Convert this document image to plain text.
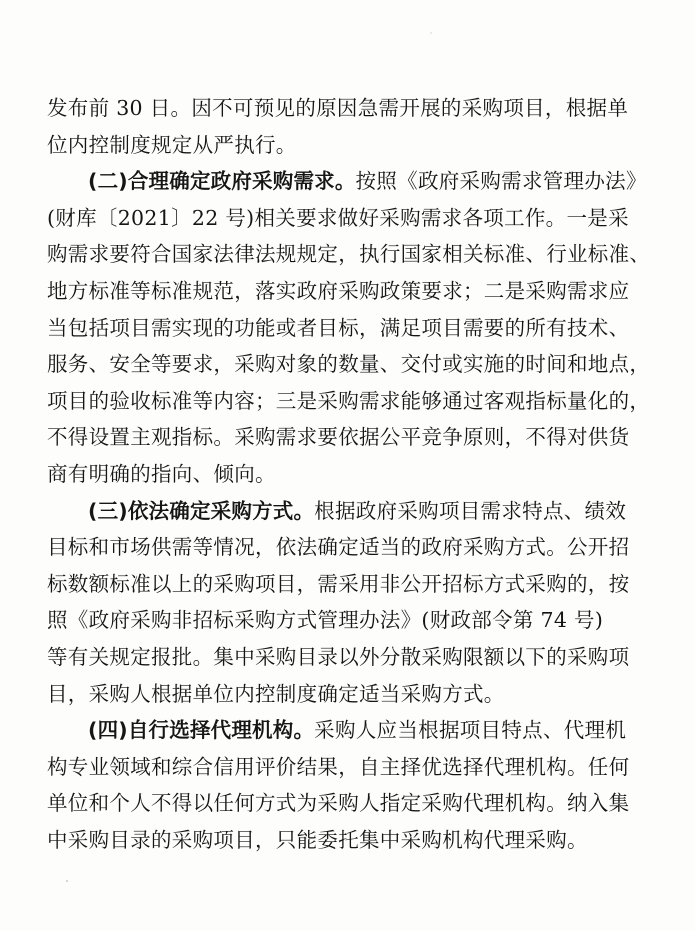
发布前 30 日。因不可预见的原因急需开展的采购项目，根据单
位内控制度规定从严执行。
(二)合理确定政府采购需求。按照《政府采购需求管理办法》
(财库〔2021〕22 号)相关要求做好采购需求各项工作。一是采
购需求要符合国家法律法规规定，执行国家相关标准、行业标准、
地方标准等标准规范，落实政府采购政策要求；二是采购需求应
当包括项目需实现的功能或者目标，满足项目需要的所有技术、
服务、安全等要求，采购对象的数量、交付或实施的时间和地点，
项目的验收标准等内容；三是采购需求能够通过客观指标量化的，
不得设置主观指标。采购需求要依据公平竞争原则，不得对供货
商有明确的指向、倾向。
(三)依法确定采购方式。根据政府采购项目需求特点、绩效
目标和市场供需等情况，依法确定适当的政府采购方式。公开招
标数额标准以上的采购项目，需采用非公开招标方式采购的，按
照《政府采购非招标采购方式管理办法》(财政部令第 74 号)
等有关规定报批。集中采购目录以外分散采购限额以下的采购项
目，采购人根据单位内控制度确定适当采购方式。
(四)自行选择代理机构。采购人应当根据项目特点、代理机
构专业领域和综合信用评价结果，自主择优选择代理机构。任何
单位和个人不得以任何方式为采购人指定采购代理机构。纳入集
中采购目录的采购项目，只能委托集中采购机构代理采购。
